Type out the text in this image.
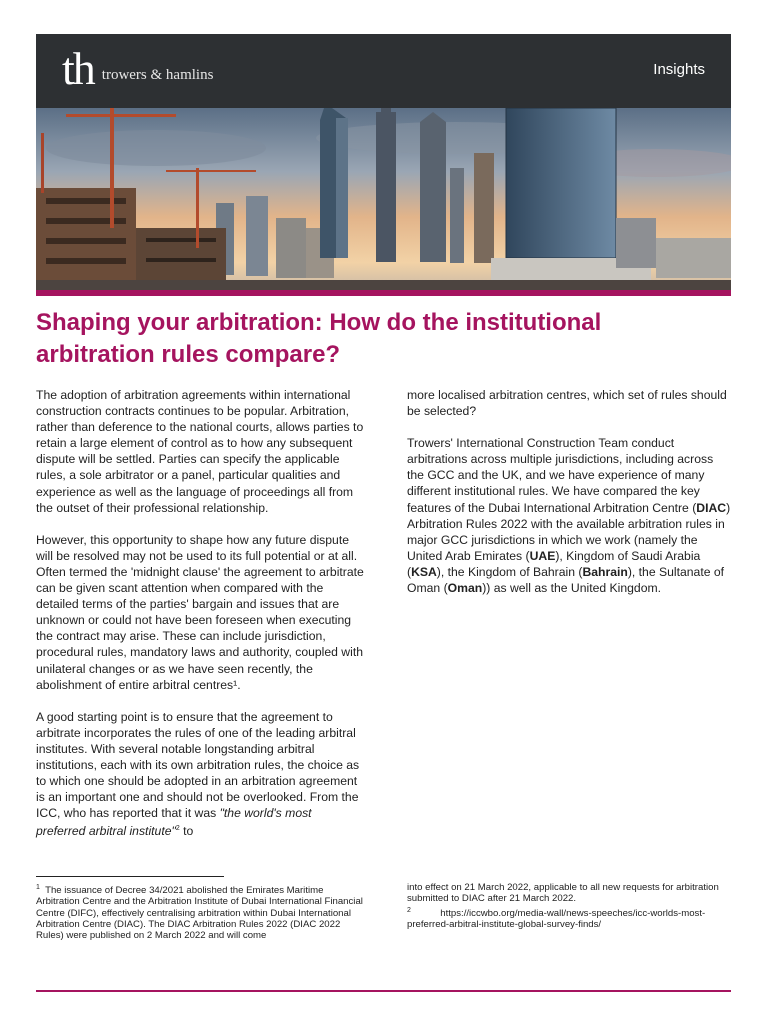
th trowers & hamlins	Insights
Shaping your arbitration: How do the institutional arbitration rules compare?

The adoption of arbitration agreements within international construction contracts continues to be popular. Arbitration, rather than deference to the national courts, allows parties to retain a large element of control as to how any subsequent dispute will be settled. Parties can specify the applicable rules, a sole arbitrator or a panel, particular qualities and experience as well as the language of proceedings all from the outset of their professional relationship.

However, this opportunity to shape how any future dispute will be resolved may not be used to its full potential or at all. Often termed the 'midnight clause' the agreement to arbitrate can be given scant attention when compared with the detailed terms of the parties' bargain and issues that are unknown or could not have been foreseen when executing the contract may arise. These can include jurisdiction, procedural rules, mandatory laws and authority, coupled with unilateral changes or as we have seen recently, the abolishment of entire arbitral centres¹.

A good starting point is to ensure that the agreement to arbitrate incorporates the rules of one of the leading arbitral institutes. With several notable longstanding arbitral institutions, each with its own arbitration rules, the choice as to which one should be adopted in an arbitration agreement is an important one and should not be overlooked. From the ICC, who has reported that it was "the world's most preferred arbitral institute"$^2$ to

more localised arbitration centres, which set of rules should be selected?

Trowers' International Construction Team conduct arbitrations across multiple jurisdictions, including across the GCC and the UK, and we have experience of many different institutional rules. We have compared the key features of the Dubai International Arbitration Centre (DIAC) Arbitration Rules 2022 with the available arbitration rules in major GCC jurisdictions in which we work (namely the United Arab Emirates (UAE), Kingdom of Saudi Arabia (KSA), the Kingdom of Bahrain (Bahrain), the Sultanate of Oman (Oman)) as well as the United Kingdom.

$^1$ The issuance of Decree 34/2021 abolished the Emirates Maritime Arbitration Centre and the Arbitration Institute of Dubai International Financial Centre (DIFC), effectively centralising arbitration within Dubai International Arbitration Centre (DIAC). The DIAC Arbitration Rules 2022 (DIAC 2022 Rules) were published on 2 March 2022 and will come

into effect on 21 March 2022, applicable to all new requests for arbitration submitted to DIAC after 21 March 2022.

$^2$	https://iccwbo.org/media-wall/news-speeches/icc-worlds-most-preferred-arbitral-institute-global-survey-finds/
